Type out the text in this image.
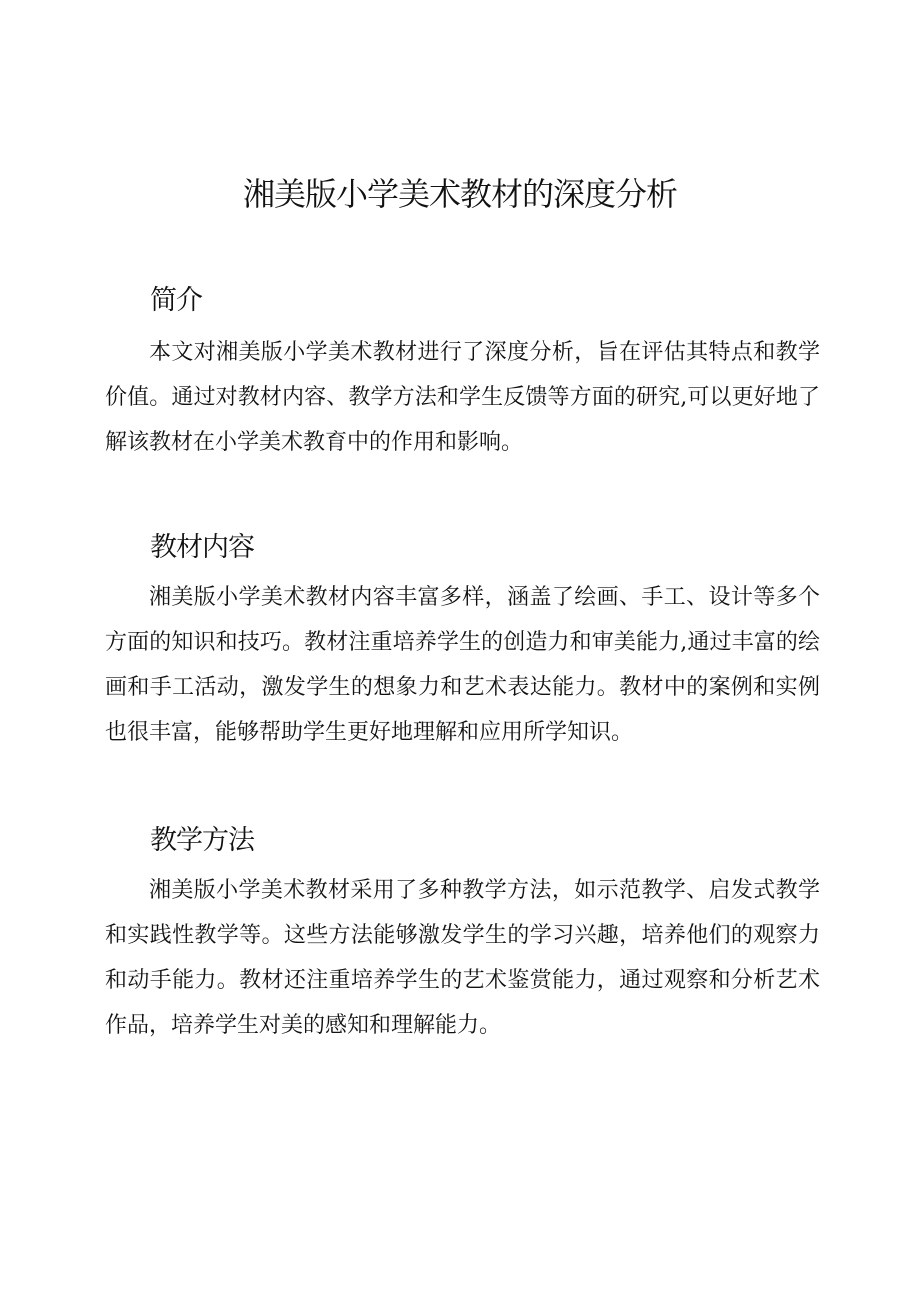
湘美版小学美术教材的深度分析
简介

本文对湘美版小学美术教材进行了深度分析，旨在评估其特点和教学价值。通过对教材内容、教学方法和学生反馈等方面的研究,可以更好地了解该教材在小学美术教育中的作用和影响。

教材内容

湘美版小学美术教材内容丰富多样，涵盖了绘画、手工、设计等多个方面的知识和技巧。教材注重培养学生的创造力和审美能力,通过丰富的绘画和手工活动，激发学生的想象力和艺术表达能力。教材中的案例和实例也很丰富，能够帮助学生更好地理解和应用所学知识。

教学方法

湘美版小学美术教材采用了多种教学方法，如示范教学、启发式教学和实践性教学等。这些方法能够激发学生的学习兴趣，培养他们的观察力和动手能力。教材还注重培养学生的艺术鉴赏能力，通过观察和分析艺术作品，培养学生对美的感知和理解能力。
